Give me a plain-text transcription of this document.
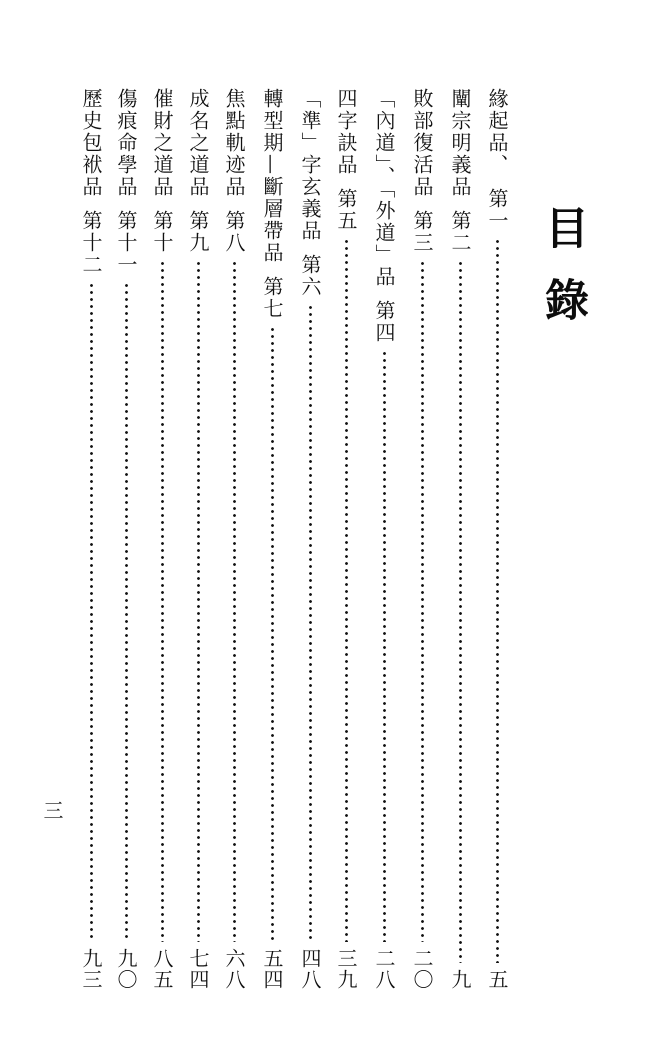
目錄
緣起品、
第一
五
闡宗明義品
第二
九
敗部復活品
第三
二〇
「內道」、「外道」品
第四
二八
四字訣品
第五
三九
「準」字玄義品
第六
四八
轉型期—斷層帶品
第七
五四
焦點軌迹品
第八
六八
成名之道品
第九
七四
催財之道品
第十
八五
傷痕命學品
第十一
九〇
歷史包袱品
第十二
九三
三
